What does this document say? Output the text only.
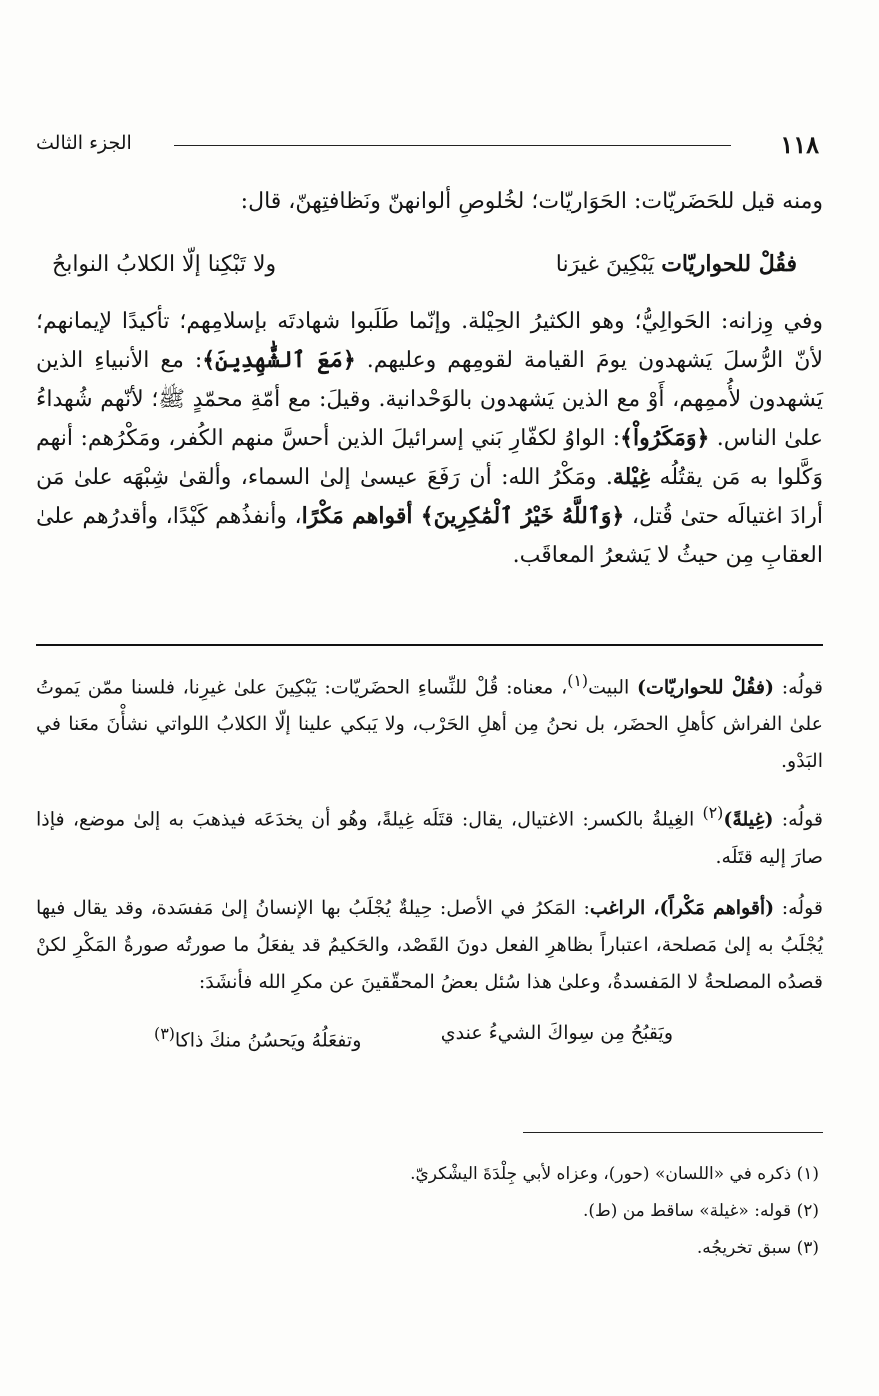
الجزء الثالث	١١٨

ومنه قيل للحَضَريّات: الحَوَاريّات؛ لخُلوصِ ألوانهنّ ونَظافتِهنّ، قال:

فقُلْ للحواريّات يَبْكِينَ غيرَنا
ولا تَبْكِنا إلّا الكلابُ النوابحُ

وفي وِزانه: الحَوالِيُّ؛ وهو الكثيرُ الحِيْلة. وإنّما طَلَبوا شهادتَه بإسلامِهم؛ تأكيدًا لإيمانهم؛ لأنّ الرُّسلَ يَشهدون يومَ القيامة لقومِهم وعليهم. ﴿مَعَ ٱلشَّٰهِدِينَ﴾: مع الأنبياءِ الذين يَشهدون لأُممِهم، أَوْ مع الذين يَشهدون بالوَحْدانية. وقيلَ: مع أمّةِ محمّدٍ ﷺ؛ لأنّهم شُهداءُ علىٰ الناس. ﴿وَمَكَرُواْ﴾: الواوُ لكفّارِ بَني إسرائيلَ الذين أحسَّ منهم الكُفر، ومَكْرُهم: أنهم وَكَّلوا به مَن يقتُلُه غِيْلة. ومَكْرُ الله: أن رَفَعَ عيسىٰ إلىٰ السماء، وألقىٰ شِبْهَه علىٰ مَن أرادَ اغتيالَه حتىٰ قُتل، ﴿وَٱللَّهُ خَيْرُ ٱلْمَٰكِرِينَ﴾ أقواهم مَكْرًا، وأنفذُهم كَيْدًا، وأقدرُهم علىٰ العقابِ مِن حيثُ لا يَشعرُ المعاقَب.

قولُه: (فقُلْ للحواريّات) البيت$^{(١)}$، معناه: قُلْ للنِّساءِ الحضَريّات: يَبْكِينَ علىٰ غيرِنا، فلسنا ممّن يَموتُ علىٰ الفراش كأهلِ الحضَر، بل نحنُ مِن أهلِ الحَرْب، ولا يَبكي علينا إلّا الكلابُ اللواتي نشأْنَ معَنا في البَدْو.

قولُه: (غِيلةً)$^{(٢)}$ الغِيلةُ بالكسر: الاغتيال، يقال: قتَلَه غِيلةً، وهُو أن يخدَعَه فيذهبَ به إلىٰ موضع، فإذا صارَ إليه قتَلَه.

قولُه: (أقواهم مَكْراً)، الراغب: المَكرُ في الأصل: حِيلةٌ يُجْلَبُ بها الإنسانُ إلىٰ مَفسَدة، وقد يقال فيها يُجْلَبُ به إلىٰ مَصلحة، اعتباراً بظاهرِ الفعل دونَ القَصْد، والحَكيمُ قد يفعَلُ ما صورتُه صورةُ المَكْرِ لكنْ قصدُه المصلحةُ لا المَفسدةُ، وعلىٰ هذا سُئل بعضُ المحقّقينَ عن مكرِ الله فأنشَدَ:

ويَقبُحُ مِن سِواكَ الشيءُ عندي
وتفعَلُهُ ويَحسُنُ منكَ ذاكا$^{(٣)}$
(١) ذكره في «اللسان» (حور)، وعزاه لأبي جِلْدَةَ اليشْكريّ.
(٢) قوله: «غيلة» ساقط من (ط).
(٣) سبق تخريجُه.
